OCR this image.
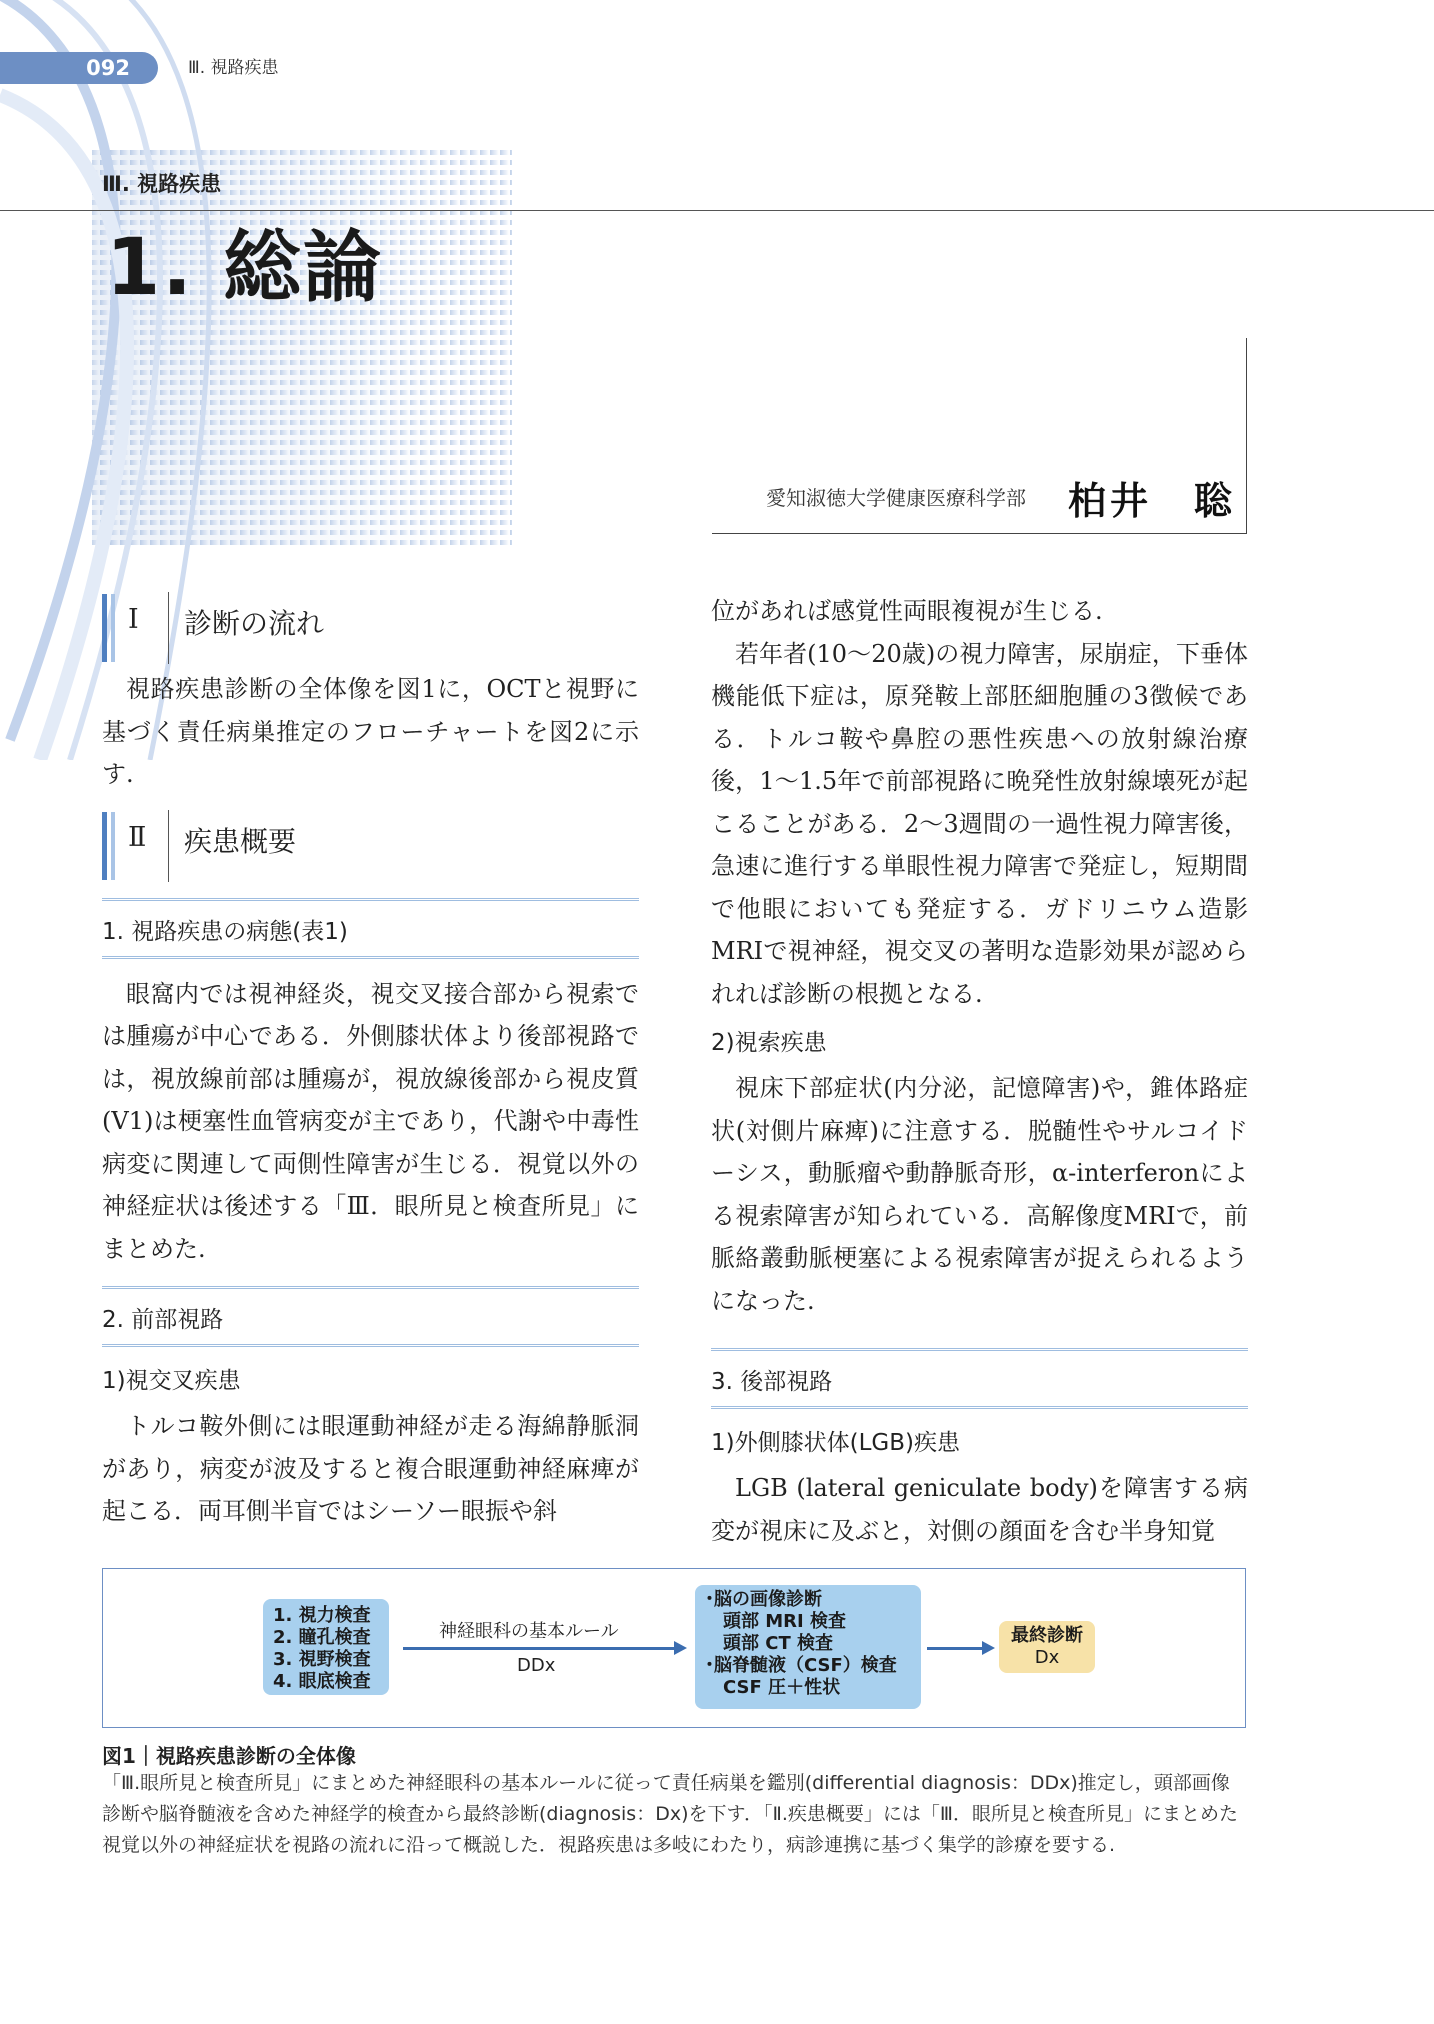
092	Ⅲ. 視路疾患
Ⅲ. 視路疾患
1. 総論
愛知淑徳大学健康医療科学部 柏井　聡
Ⅰ 診断の流れ

視路疾患診断の全体像を図1に，OCTと視野に基づく責任病巣推定のフローチャートを図2に示す.

Ⅱ 疾患概要
1. 視路疾患の病態(表1)

眼窩内では視神経炎，視交叉接合部から視索では腫瘍が中心である．外側膝状体より後部視路では，視放線前部は腫瘍が，視放線後部から視皮質(V1)は梗塞性血管病変が主であり，代謝や中毒性病変に関連して両側性障害が生じる．視覚以外の神経症状は後述する「Ⅲ．眼所見と検査所見」にまとめた.

2. 前部視路
1)視交叉疾患

トルコ鞍外側には眼運動神経が走る海綿静脈洞があり，病変が波及すると複合眼運動神経麻痺が起こる．両耳側半盲ではシーソー眼振や斜

位があれば感覚性両眼複視が生じる.

若年者(10～20歳)の視力障害，尿崩症，下垂体機能低下症は，原発鞍上部胚細胞腫の3徴候である．トルコ鞍や鼻腔の悪性疾患への放射線治療後，1～1.5年で前部視路に晩発性放射線壊死が起こることがある．2～3週間の一過性視力障害後，急速に進行する単眼性視力障害で発症し，短期間で他眼においても発症する．ガドリニウム造影MRIで視神経，視交叉の著明な造影効果が認められれば診断の根拠となる.

2)視索疾患

視床下部症状(内分泌，記憶障害)や，錐体路症状(対側片麻痺)に注意する．脱髄性やサルコイドーシス，動脈瘤や動静脈奇形，α-interferonによる視索障害が知られている．高解像度MRIで，前脈絡叢動脈梗塞による視索障害が捉えられるようになった.

3. 後部視路
1)外側膝状体(LGB)疾患

LGB (lateral geniculate body)を障害する病変が視床に及ぶと，対側の顔面を含む半身知覚

1. 視力検査
2. 瞳孔検査
3. 視野検査
4. 眼底検査
神経眼科の基本ルール
DDx
･脳の画像診断
　頭部 MRI 検査
　頭部 CT 検査
･脳脊髄液（CSF）検査
　CSF 圧＋性状
最終診断
Dx
図1｜視路疾患診断の全体像

「Ⅲ.眼所見と検査所見」にまとめた神経眼科の基本ルールに従って責任病巣を鑑別(differential diagnosis：DDx)推定し，頭部画像診断や脳脊髄液を含めた神経学的検査から最終診断(diagnosis：Dx)を下す．「Ⅱ.疾患概要」には「Ⅲ．眼所見と検査所見」にまとめた視覚以外の神経症状を視路の流れに沿って概説した．視路疾患は多岐にわたり，病診連携に基づく集学的診療を要する.
